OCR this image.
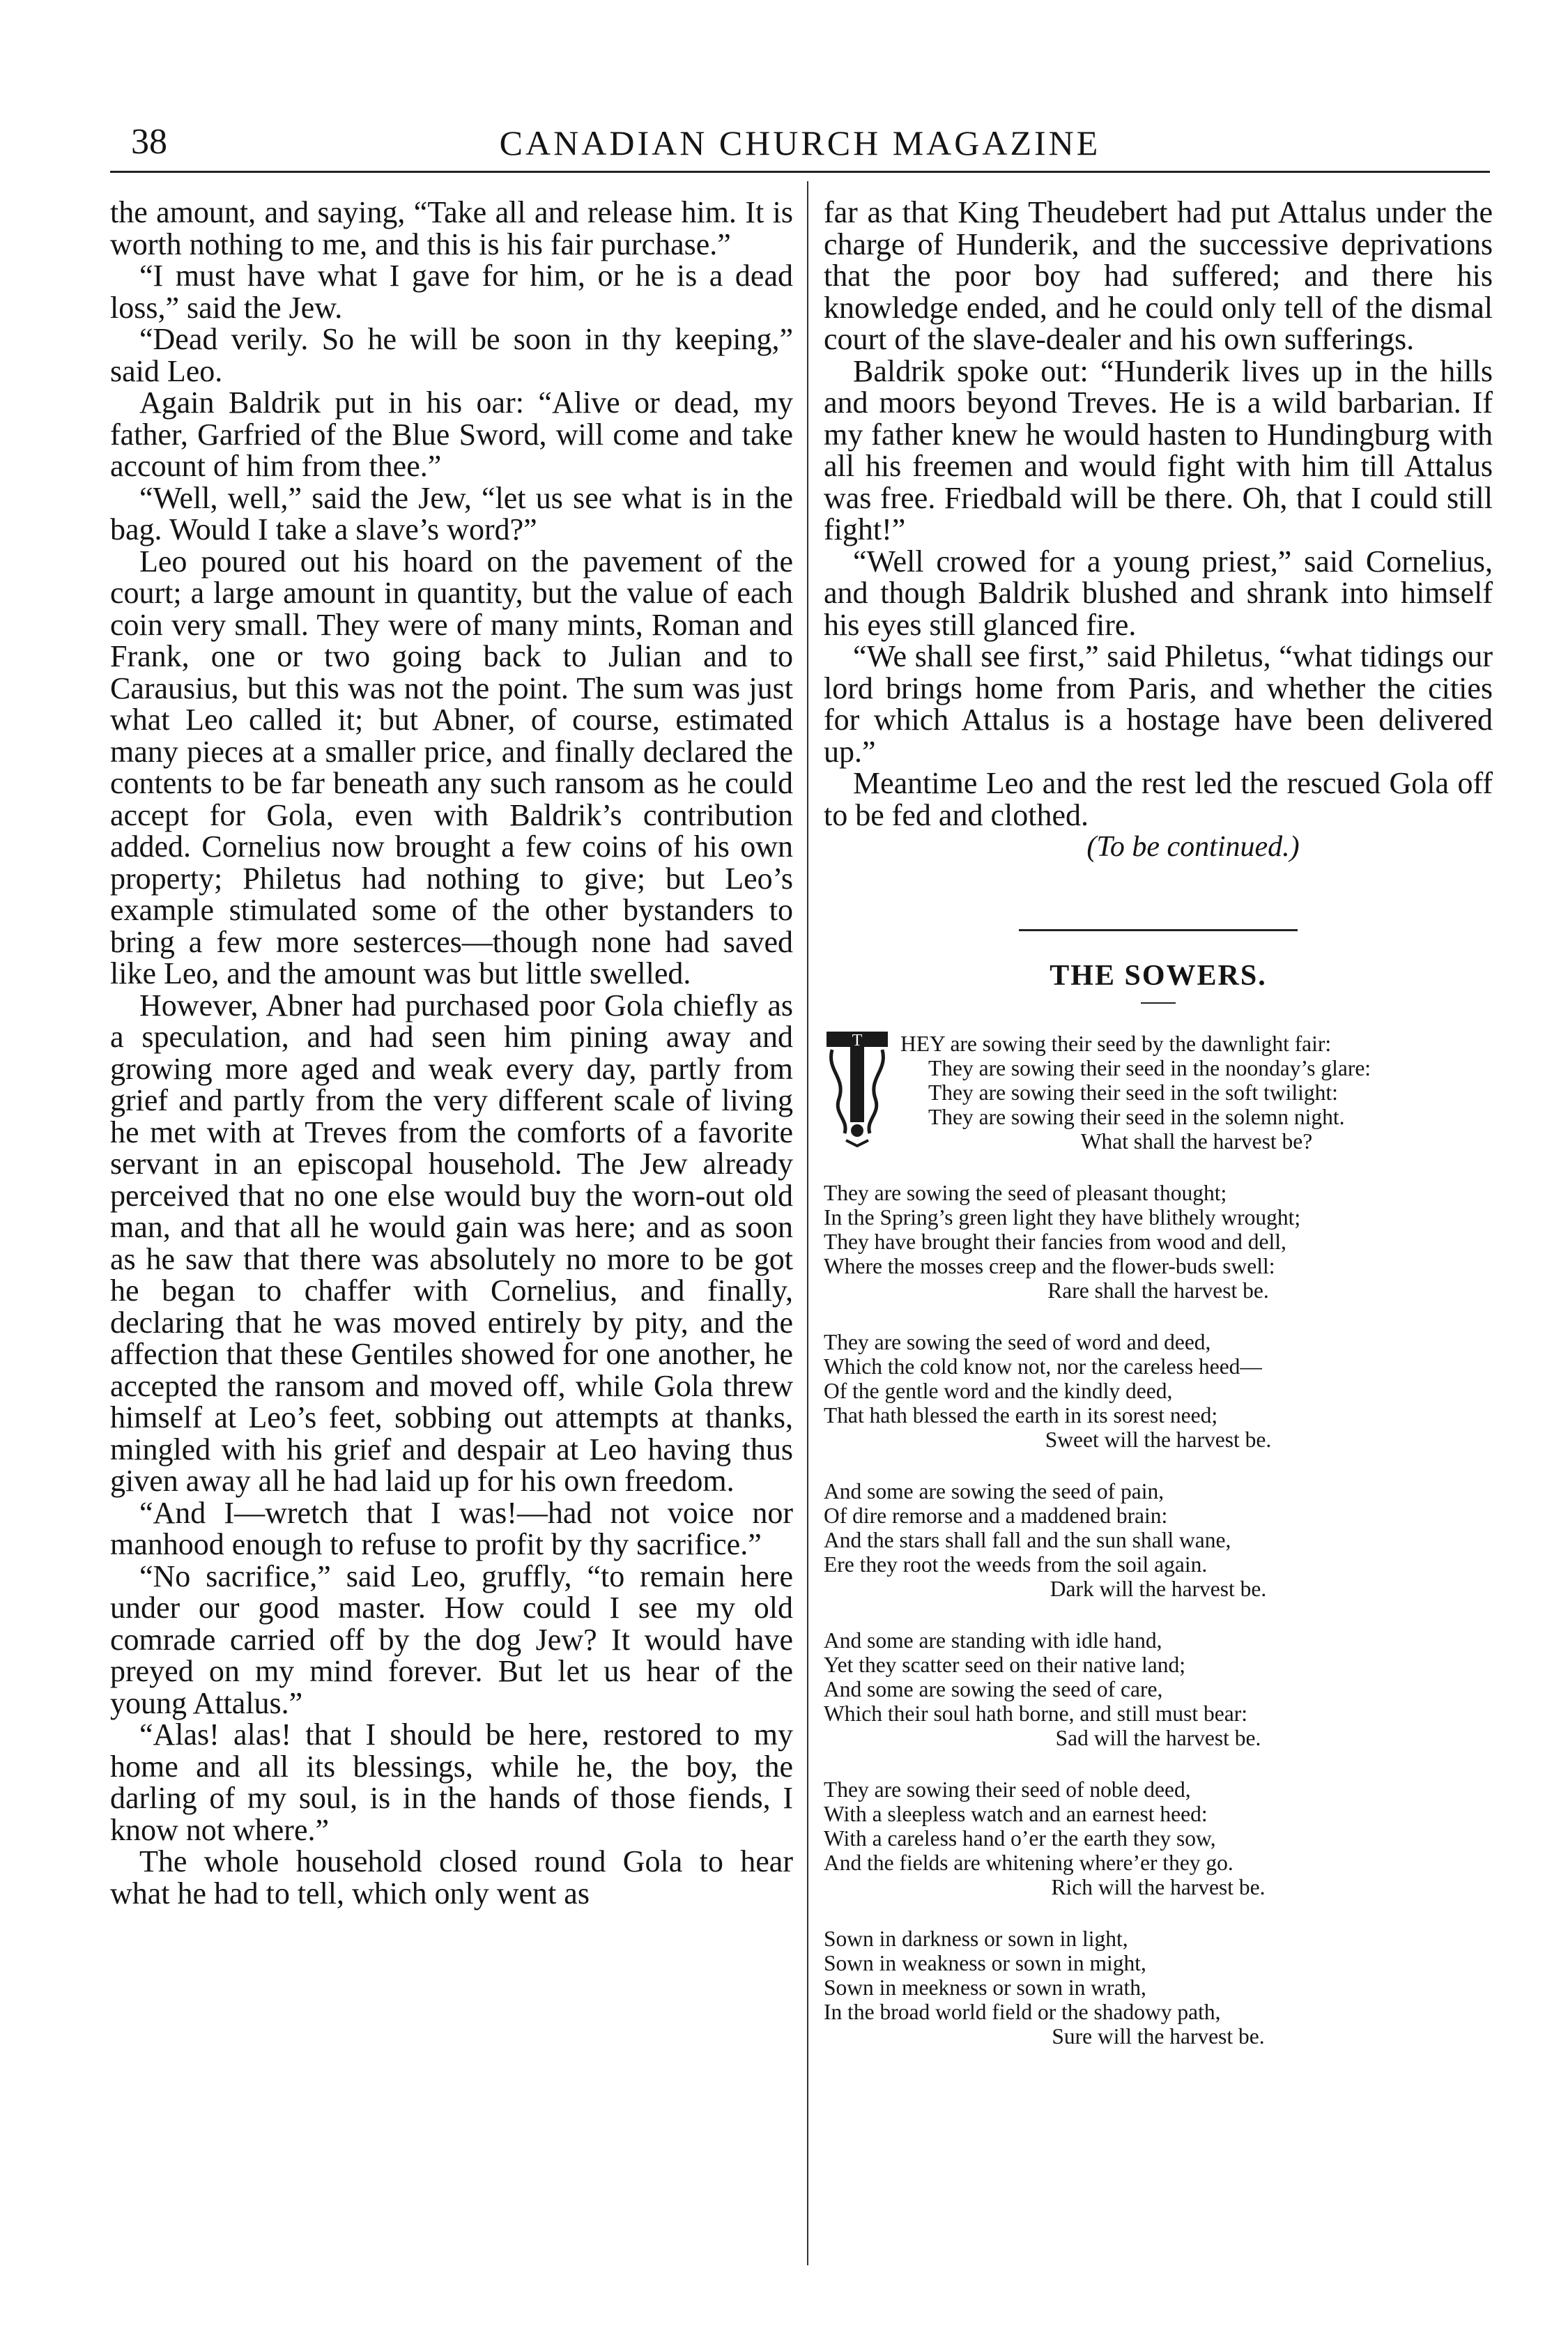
38	CANADIAN CHURCH MAGAZINE

the amount, and saying, “Take all and release him. It is worth nothing to me, and this is his fair purchase.”

“I must have what I gave for him, or he is a dead loss,” said the Jew.

“Dead verily. So he will be soon in thy keeping,” said Leo.

Again Baldrik put in his oar: “Alive or dead, my father, Garfried of the Blue Sword, will come and take account of him from thee.”

“Well, well,” said the Jew, “let us see what is in the bag. Would I take a slave’s word?”

Leo poured out his hoard on the pavement of the court; a large amount in quantity, but the value of each coin very small. They were of many mints, Roman and Frank, one or two going back to Julian and to Carausius, but this was not the point. The sum was just what Leo called it; but Abner, of course, estimated many pieces at a smaller price, and finally declared the contents to be far beneath any such ransom as he could accept for Gola, even with Baldrik’s contribution added. Cornelius now brought a few coins of his own property; Philetus had nothing to give; but Leo’s example stimulated some of the other bystanders to bring a few more sesterces—though none had saved like Leo, and the amount was but little swelled.

However, Abner had purchased poor Gola chiefly as a speculation, and had seen him pining away and growing more aged and weak every day, partly from grief and partly from the very different scale of living he met with at Treves from the comforts of a favorite servant in an episcopal household. The Jew already perceived that no one else would buy the worn-out old man, and that all he would gain was here; and as soon as he saw that there was absolutely no more to be got he began to chaffer with Cornelius, and finally, declaring that he was moved entirely by pity, and the affection that these Gentiles showed for one another, he accepted the ransom and moved off, while Gola threw himself at Leo’s feet, sobbing out attempts at thanks, mingled with his grief and despair at Leo having thus given away all he had laid up for his own freedom.

“And I—wretch that I was!—had not voice nor manhood enough to refuse to profit by thy sacrifice.”

“No sacrifice,” said Leo, gruffly, “to remain here under our good master. How could I see my old comrade carried off by the dog Jew? It would have preyed on my mind forever. But let us hear of the young Attalus.”

“Alas! alas! that I should be here, restored to my home and all its blessings, while he, the boy, the darling of my soul, is in the hands of those fiends, I know not where.”

The whole household closed round Gola to hear what he had to tell, which only went as

far as that King Theudebert had put Attalus under the charge of Hunderik, and the successive deprivations that the poor boy had suffered; and there his knowledge ended, and he could only tell of the dismal court of the slave-dealer and his own sufferings.

Baldrik spoke out: “Hunderik lives up in the hills and moors beyond Treves. He is a wild barbarian. If my father knew he would hasten to Hundingburg with all his freemen and would fight with him till Attalus was free. Friedbald will be there. Oh, that I could still fight!”

“Well crowed for a young priest,” said Cornelius, and though Baldrik blushed and shrank into himself his eyes still glanced fire.

“We shall see first,” said Philetus, “what tidings our lord brings home from Paris, and whether the cities for which Attalus is a hostage have been delivered up.”

Meantime Leo and the rest led the rescued Gola off to be fed and clothed.

(To be continued.)

THE SOWERS.
T HEY are sowing their seed by the dawnlight fair:
They are sowing their seed in the noonday’s glare:
They are sowing their seed in the soft twilight:
They are sowing their seed in the solemn night.
What shall the harvest be?
They are sowing the seed of pleasant thought;
In the Spring’s green light they have blithely wrought;
They have brought their fancies from wood and dell,
Where the mosses creep and the flower-buds swell:
Rare shall the harvest be.
They are sowing the seed of word and deed,
Which the cold know not, nor the careless heed—
Of the gentle word and the kindly deed,
That hath blessed the earth in its sorest need;
Sweet will the harvest be.
And some are sowing the seed of pain,
Of dire remorse and a maddened brain:
And the stars shall fall and the sun shall wane,
Ere they root the weeds from the soil again.
Dark will the harvest be.
And some are standing with idle hand,
Yet they scatter seed on their native land;
And some are sowing the seed of care,
Which their soul hath borne, and still must bear:
Sad will the harvest be.
They are sowing their seed of noble deed,
With a sleepless watch and an earnest heed:
With a careless hand o’er the earth they sow,
And the fields are whitening where’er they go.
Rich will the harvest be.
Sown in darkness or sown in light,
Sown in weakness or sown in might,
Sown in meekness or sown in wrath,
In the broad world field or the shadowy path,
Sure will the harvest be.
